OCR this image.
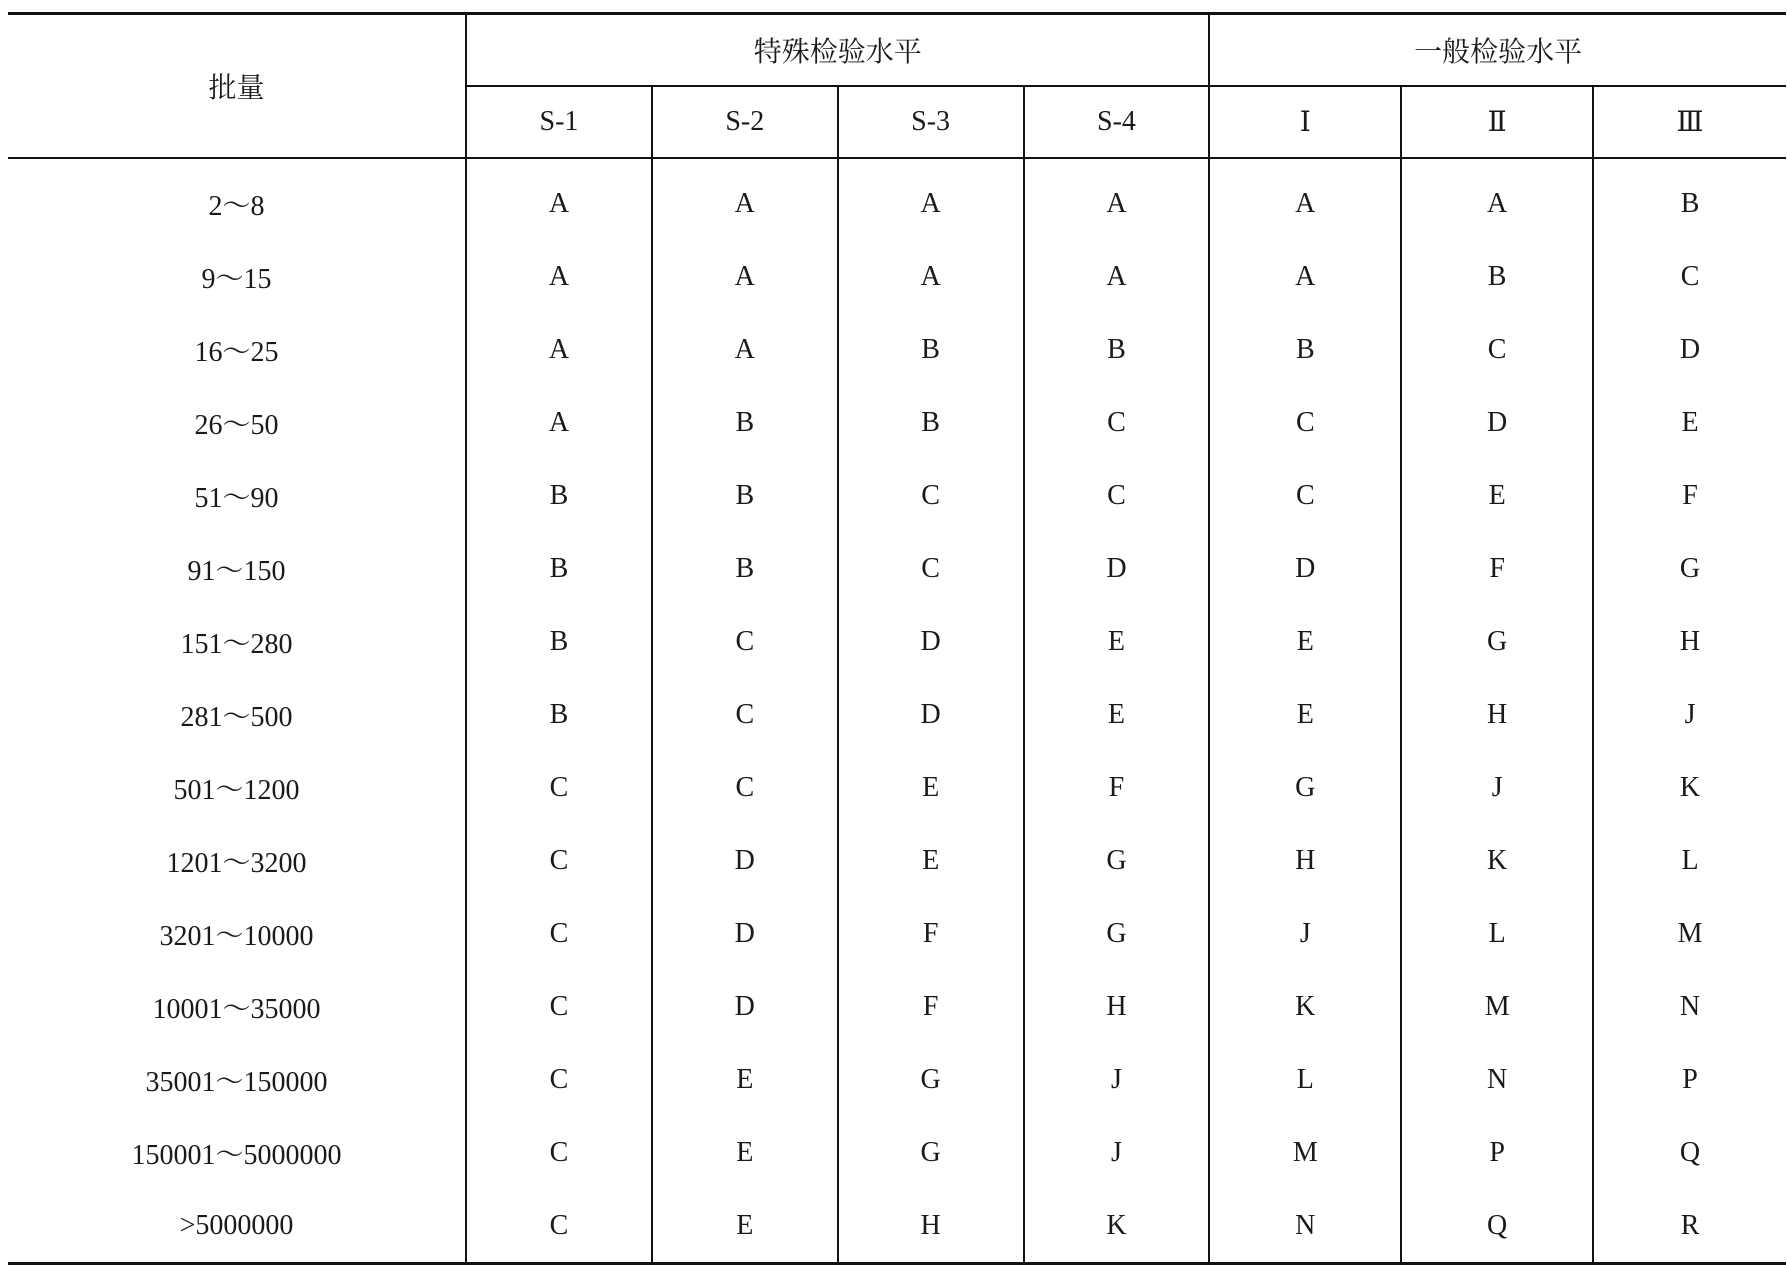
批量	特殊检验水平				一般检验水平		
	S-1	S-2	S-3	S-4	Ⅰ	Ⅱ	Ⅲ
2～8	A	A	A	A	A	A	B
9～15	A	A	A	A	A	B	C
16～25	A	A	B	B	B	C	D
26～50	A	B	B	C	C	D	E
51～90	B	B	C	C	C	E	F
91～150	B	B	C	D	D	F	G
151～280	B	C	D	E	E	G	H
281～500	B	C	D	E	E	H	J
501～1200	C	C	E	F	G	J	K
1201～3200	C	D	E	G	H	K	L
3201～10000	C	D	F	G	J	L	M
10001～35000	C	D	F	H	K	M	N
35001～150000	C	E	G	J	L	N	P
150001～5000000	C	E	G	J	M	P	Q
>5000000	C	E	H	K	N	Q	R
